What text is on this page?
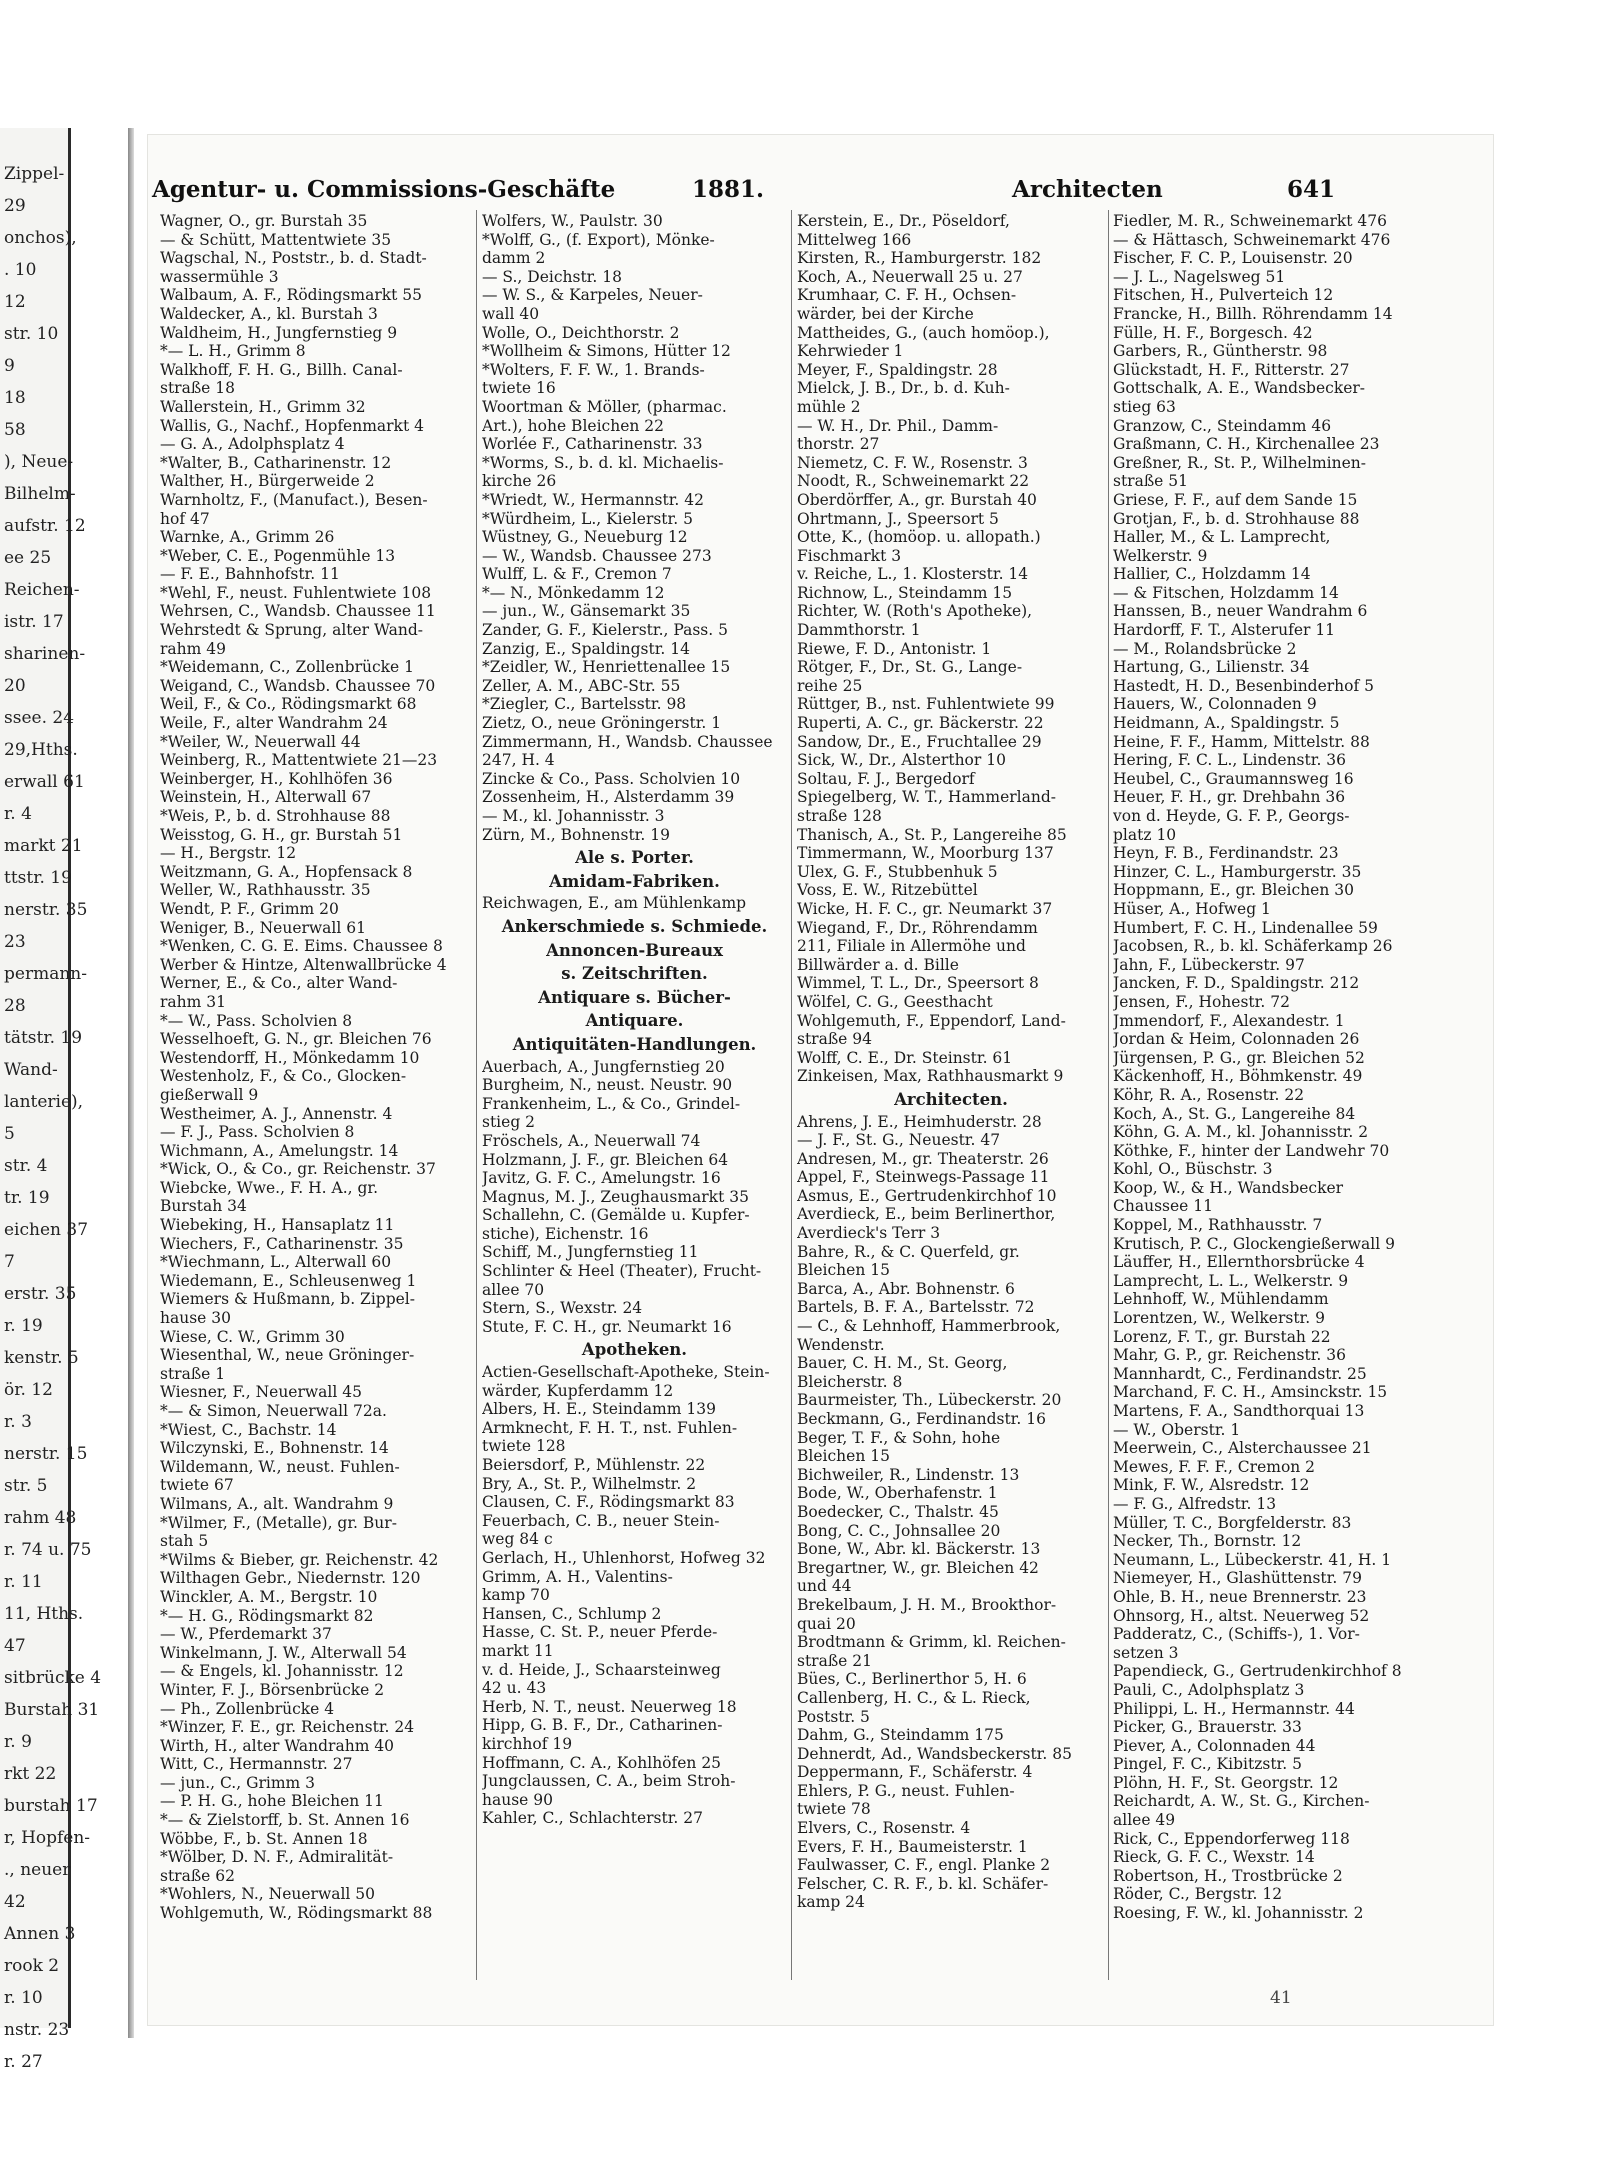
Zippel-
29
onchos),
. 10
12
str. 10
9
18
58
), Neue-
Bilhelm-
aufstr. 12
ee 25
Reichen-
istr. 17
sharinen-
20
ssee. 24
29,Hths.
erwall 61
r. 4
markt 21
ttstr. 19
nerstr. 35
23
permann-
28
tätstr. 19
Wand-
lanterie),
5
str. 4
tr. 19
eichen 37
7
erstr. 35
r. 19
kenstr. 5
ör. 12
r. 3
nerstr. 15
str. 5
rahm 48
r. 74 u. 75
r. 11
11, Hths.
47
sitbrücke 4
Burstah 31
r. 9
rkt 22
burstah 17
r, Hopfen-
., neuer
42
Annen 3
rook 2
r. 10
nstr. 23
r. 27
Agentur- u. Commissions-Geschäfte	1881.	Architecten	641
Wagner, O., gr. Burstah 35
— & Schütt, Mattentwiete 35
Wagschal, N., Poststr., b. d. Stadt-
wassermühle 3
Walbaum, A. F., Rödingsmarkt 55
Waldecker, A., kl. Burstah 3
Waldheim, H., Jungfernstieg 9
*— L. H., Grimm 8
Walkhoff, F. H. G., Billh. Canal-
straße 18
Wallerstein, H., Grimm 32
Wallis, G., Nachf., Hopfenmarkt 4
— G. A., Adolphsplatz 4
*Walter, B., Catharinenstr. 12
Walther, H., Bürgerweide 2
Warnholtz, F., (Manufact.), Besen-
hof 47
Warnke, A., Grimm 26
*Weber, C. E., Pogenmühle 13
— F. E., Bahnhofstr. 11
*Wehl, F., neust. Fuhlentwiete 108
Wehrsen, C., Wandsb. Chaussee 11
Wehrstedt & Sprung, alter Wand-
rahm 49
*Weidemann, C., Zollenbrücke 1
Weigand, C., Wandsb. Chaussee 70
Weil, F., & Co., Rödingsmarkt 68
Weile, F., alter Wandrahm 24
*Weiler, W., Neuerwall 44
Weinberg, R., Mattentwiete 21—23
Weinberger, H., Kohlhöfen 36
Weinstein, H., Alterwall 67
*Weis, P., b. d. Strohhause 88
Weisstog, G. H., gr. Burstah 51
— H., Bergstr. 12
Weitzmann, G. A., Hopfensack 8
Weller, W., Rathhausstr. 35
Wendt, P. F., Grimm 20
Weniger, B., Neuerwall 61
*Wenken, C. G. E. Eims. Chaussee 8
Werber & Hintze, Altenwallbrücke 4
Werner, E., & Co., alter Wand-
rahm 31
*— W., Pass. Scholvien 8
Wesselhoeft, G. N., gr. Bleichen 76
Westendorff, H., Mönkedamm 10
Westenholz, F., & Co., Glocken-
gießerwall 9
Westheimer, A. J., Annenstr. 4
— F. J., Pass. Scholvien 8
Wichmann, A., Amelungstr. 14
*Wick, O., & Co., gr. Reichenstr. 37
Wiebcke, Wwe., F. H. A., gr.
Burstah 34
Wiebeking, H., Hansaplatz 11
Wiechers, F., Catharinenstr. 35
*Wiechmann, L., Alterwall 60
Wiedemann, E., Schleusenweg 1
Wiemers & Hußmann, b. Zippel-
hause 30
Wiese, C. W., Grimm 30
Wiesenthal, W., neue Gröninger-
straße 1
Wiesner, F., Neuerwall 45
*— & Simon, Neuerwall 72a.
*Wiest, C., Bachstr. 14
Wilczynski, E., Bohnenstr. 14
Wildemann, W., neust. Fuhlen-
twiete 67
Wilmans, A., alt. Wandrahm 9
*Wilmer, F., (Metalle), gr. Bur-
stah 5
*Wilms & Bieber, gr. Reichenstr. 42
Wilthagen Gebr., Niedernstr. 120
Winckler, A. M., Bergstr. 10
*— H. G., Rödingsmarkt 82
— W., Pferdemarkt 37
Winkelmann, J. W., Alterwall 54
— & Engels, kl. Johannisstr. 12
Winter, F. J., Börsenbrücke 2
— Ph., Zollenbrücke 4
*Winzer, F. E., gr. Reichenstr. 24
Wirth, H., alter Wandrahm 40
Witt, C., Hermannstr. 27
— jun., C., Grimm 3
— P. H. G., hohe Bleichen 11
*— & Zielstorff, b. St. Annen 16
Wöbbe, F., b. St. Annen 18
*Wölber, D. N. F., Admiralität-
straße 62
*Wohlers, N., Neuerwall 50
Wohlgemuth, W., Rödingsmarkt 88
Wolfers, W., Paulstr. 30
*Wolff, G., (f. Export), Mönke-
damm 2
— S., Deichstr. 18
— W. S., & Karpeles, Neuer-
wall 40
Wolle, O., Deichthorstr. 2
*Wollheim & Simons, Hütter 12
*Wolters, F. F. W., 1. Brands-
twiete 16
Woortman & Möller, (pharmac.
Art.), hohe Bleichen 22
Worlée F., Catharinenstr. 33
*Worms, S., b. d. kl. Michaelis-
kirche 26
*Wriedt, W., Hermannstr. 42
*Würdheim, L., Kielerstr. 5
Wüstney, G., Neueburg 12
— W., Wandsb. Chaussee 273
Wulff, L. & F., Cremon 7
*— N., Mönkedamm 12
— jun., W., Gänsemarkt 35
Zander, G. F., Kielerstr., Pass. 5
Zanzig, E., Spaldingstr. 14
*Zeidler, W., Henriettenallee 15
Zeller, A. M., ABC-Str. 55
*Ziegler, C., Bartelsstr. 98
Zietz, O., neue Gröningerstr. 1
Zimmermann, H., Wandsb. Chaussee
247, H. 4
Zincke & Co., Pass. Scholvien 10
Zossenheim, H., Alsterdamm 39
— M., kl. Johannisstr. 3
Zürn, M., Bohnenstr. 19
Ale s. Porter.
Amidam-Fabriken.
Reichwagen, E., am Mühlenkamp
Ankerschmiede s. Schmiede.
Annoncen-Bureaux
s. Zeitschriften.
Antiquare s. Bücher-
Antiquare.
Antiquitäten-Handlungen.
Auerbach, A., Jungfernstieg 20
Burgheim, N., neust. Neustr. 90
Frankenheim, L., & Co., Grindel-
stieg 2
Fröschels, A., Neuerwall 74
Holzmann, J. F., gr. Bleichen 64
Javitz, G. F. C., Amelungstr. 16
Magnus, M. J., Zeughausmarkt 35
Schallehn, C. (Gemälde u. Kupfer-
stiche), Eichenstr. 16
Schiff, M., Jungfernstieg 11
Schlinter & Heel (Theater), Frucht-
allee 70
Stern, S., Wexstr. 24
Stute, F. C. H., gr. Neumarkt 16
Apotheken.
Actien-Gesellschaft-Apotheke, Stein-
wärder, Kupferdamm 12
Albers, H. E., Steindamm 139
Armknecht, F. H. T., nst. Fuhlen-
twiete 128
Beiersdorf, P., Mühlenstr. 22
Bry, A., St. P., Wilhelmstr. 2
Clausen, C. F., Rödingsmarkt 83
Feuerbach, C. B., neuer Stein-
weg 84 c
Gerlach, H., Uhlenhorst, Hofweg 32
Grimm, A. H., Valentins-
kamp 70
Hansen, C., Schlump 2
Hasse, C. St. P., neuer Pferde-
markt 11
v. d. Heide, J., Schaarsteinweg
42 u. 43
Herb, N. T., neust. Neuerweg 18
Hipp, G. B. F., Dr., Catharinen-
kirchhof 19
Hoffmann, C. A., Kohlhöfen 25
Jungclaussen, C. A., beim Stroh-
hause 90
Kahler, C., Schlachterstr. 27
Kerstein, E., Dr., Pöseldorf,
Mittelweg 166
Kirsten, R., Hamburgerstr. 182
Koch, A., Neuerwall 25 u. 27
Krumhaar, C. F. H., Ochsen-
wärder, bei der Kirche
Mattheides, G., (auch homöop.),
Kehrwieder 1
Meyer, F., Spaldingstr. 28
Mielck, J. B., Dr., b. d. Kuh-
mühle 2
— W. H., Dr. Phil., Damm-
thorstr. 27
Niemetz, C. F. W., Rosenstr. 3
Noodt, R., Schweinemarkt 22
Oberdörffer, A., gr. Burstah 40
Ohrtmann, J., Speersort 5
Otte, K., (homöop. u. allopath.)
Fischmarkt 3
v. Reiche, L., 1. Klosterstr. 14
Richnow, L., Steindamm 15
Richter, W. (Roth's Apotheke),
Dammthorstr. 1
Riewe, F. D., Antonistr. 1
Rötger, F., Dr., St. G., Lange-
reihe 25
Rüttger, B., nst. Fuhlentwiete 99
Ruperti, A. C., gr. Bäckerstr. 22
Sandow, Dr., E., Fruchtallee 29
Sick, W., Dr., Alsterthor 10
Soltau, F. J., Bergedorf
Spiegelberg, W. T., Hammerland-
straße 128
Thanisch, A., St. P., Langereihe 85
Timmermann, W., Moorburg 137
Ulex, G. F., Stubbenhuk 5
Voss, E. W., Ritzebüttel
Wicke, H. F. C., gr. Neumarkt 37
Wiegand, F., Dr., Röhrendamm
211, Filiale in Allermöhe und
Billwärder a. d. Bille
Wimmel, T. L., Dr., Speersort 8
Wölfel, C. G., Geesthacht
Wohlgemuth, F., Eppendorf, Land-
straße 94
Wolff, C. E., Dr. Steinstr. 61
Zinkeisen, Max, Rathhausmarkt 9
Architecten.
Ahrens, J. E., Heimhuderstr. 28
— J. F., St. G., Neuestr. 47
Andresen, M., gr. Theaterstr. 26
Appel, F., Steinwegs-Passage 11
Asmus, E., Gertrudenkirchhof 10
Averdieck, E., beim Berlinerthor,
Averdieck's Terr 3
Bahre, R., & C. Querfeld, gr.
Bleichen 15
Barca, A., Abr. Bohnenstr. 6
Bartels, B. F. A., Bartelsstr. 72
— C., & Lehnhoff, Hammerbrook,
Wendenstr.
Bauer, C. H. M., St. Georg,
Bleicherstr. 8
Baurmeister, Th., Lübeckerstr. 20
Beckmann, G., Ferdinandstr. 16
Beger, T. F., & Sohn, hohe
Bleichen 15
Bichweiler, R., Lindenstr. 13
Bode, W., Oberhafenstr. 1
Boedecker, C., Thalstr. 45
Bong, C. C., Johnsallee 20
Bone, W., Abr. kl. Bäckerstr. 13
Bregartner, W., gr. Bleichen 42
und 44
Brekelbaum, J. H. M., Brookthor-
quai 20
Brodtmann & Grimm, kl. Reichen-
straße 21
Bües, C., Berlinerthor 5, H. 6
Callenberg, H. C., & L. Rieck,
Poststr. 5
Dahm, G., Steindamm 175
Dehnerdt, Ad., Wandsbeckerstr. 85
Deppermann, F., Schäferstr. 4
Ehlers, P. G., neust. Fuhlen-
twiete 78
Elvers, C., Rosenstr. 4
Evers, F. H., Baumeisterstr. 1
Faulwasser, C. F., engl. Planke 2
Felscher, C. R. F., b. kl. Schäfer-
kamp 24
Fiedler, M. R., Schweinemarkt 476
— & Hättasch, Schweinemarkt 476
Fischer, F. C. P., Louisenstr. 20
— J. L., Nagelsweg 51
Fitschen, H., Pulverteich 12
Francke, H., Billh. Röhrendamm 14
Fülle, H. F., Borgesch. 42
Garbers, R., Güntherstr. 98
Glückstadt, H. F., Ritterstr. 27
Gottschalk, A. E., Wandsbecker-
stieg 63
Granzow, C., Steindamm 46
Graßmann, C. H., Kirchenallee 23
Greßner, R., St. P., Wilhelminen-
straße 51
Griese, F. F., auf dem Sande 15
Grotjan, F., b. d. Strohhause 88
Haller, M., & L. Lamprecht,
Welkerstr. 9
Hallier, C., Holzdamm 14
— & Fitschen, Holzdamm 14
Hanssen, B., neuer Wandrahm 6
Hardorff, F. T., Alsterufer 11
— M., Rolandsbrücke 2
Hartung, G., Lilienstr. 34
Hastedt, H. D., Besenbinderhof 5
Hauers, W., Colonnaden 9
Heidmann, A., Spaldingstr. 5
Heine, F. F., Hamm, Mittelstr. 88
Hering, F. C. L., Lindenstr. 36
Heubel, C., Graumannsweg 16
Heuer, F. H., gr. Drehbahn 36
von d. Heyde, G. F. P., Georgs-
platz 10
Heyn, F. B., Ferdinandstr. 23
Hinzer, C. L., Hamburgerstr. 35
Hoppmann, E., gr. Bleichen 30
Hüser, A., Hofweg 1
Humbert, F. C. H., Lindenallee 59
Jacobsen, R., b. kl. Schäferkamp 26
Jahn, F., Lübeckerstr. 97
Jancken, F. D., Spaldingstr. 212
Jensen, F., Hohestr. 72
Jmmendorf, F., Alexandestr. 1
Jordan & Heim, Colonnaden 26
Jürgensen, P. G., gr. Bleichen 52
Käckenhoff, H., Böhmkenstr. 49
Köhr, R. A., Rosenstr. 22
Koch, A., St. G., Langereihe 84
Köhn, G. A. M., kl. Johannisstr. 2
Köthke, F., hinter der Landwehr 70
Kohl, O., Büschstr. 3
Koop, W., & H., Wandsbecker
Chaussee 11
Koppel, M., Rathhausstr. 7
Krutisch, P. C., Glockengießerwall 9
Läuffer, H., Ellernthorsbrücke 4
Lamprecht, L. L., Welkerstr. 9
Lehnhoff, W., Mühlendamm
Lorentzen, W., Welkerstr. 9
Lorenz, F. T., gr. Burstah 22
Mahr, G. P., gr. Reichenstr. 36
Mannhardt, C., Ferdinandstr. 25
Marchand, F. C. H., Amsinckstr. 15
Martens, F. A., Sandthorquai 13
— W., Oberstr. 1
Meerwein, C., Alsterchaussee 21
Mewes, F. F. F., Cremon 2
Mink, F. W., Alsredstr. 12
— F. G., Alfredstr. 13
Müller, T. C., Borgfelderstr. 83
Necker, Th., Bornstr. 12
Neumann, L., Lübeckerstr. 41, H. 1
Niemeyer, H., Glashüttenstr. 79
Ohle, B. H., neue Brennerstr. 23
Ohnsorg, H., altst. Neuerweg 52
Padderatz, C., (Schiffs-), 1. Vor-
setzen 3
Papendieck, G., Gertrudenkirchhof 8
Pauli, C., Adolphsplatz 3
Philippi, L. H., Hermannstr. 44
Picker, G., Brauerstr. 33
Piever, A., Colonnaden 44
Pingel, F. C., Kibitzstr. 5
Plöhn, H. F., St. Georgstr. 12
Reichardt, A. W., St. G., Kirchen-
allee 49
Rick, C., Eppendorferweg 118
Rieck, G. F. C., Wexstr. 14
Robertson, H., Trostbrücke 2
Röder, C., Bergstr. 12
Roesing, F. W., kl. Johannisstr. 2
41
